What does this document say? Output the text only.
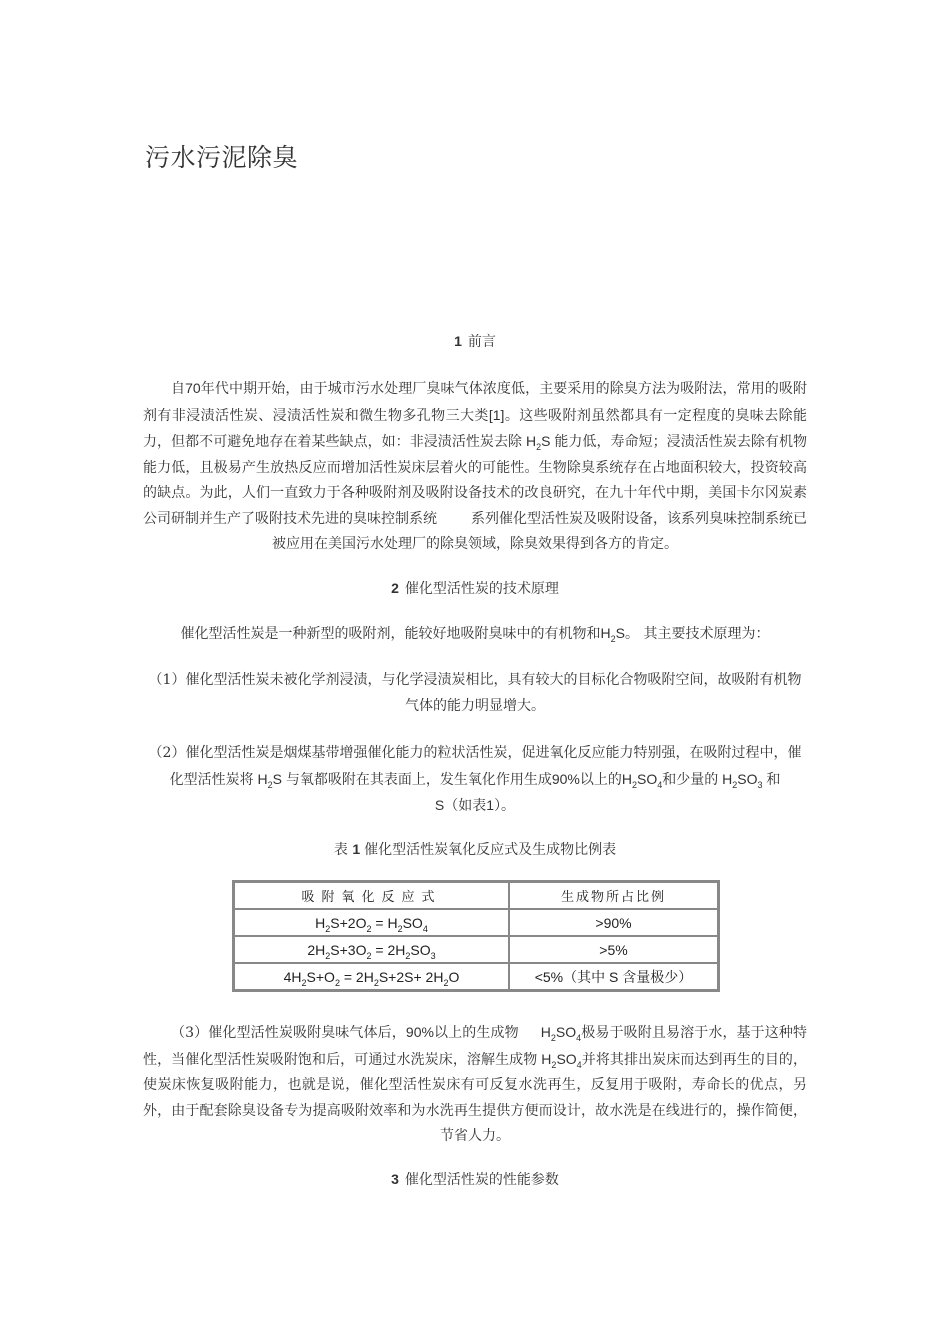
污水污泥除臭
1 前言
自70年代中期开始，由于城市污水处理厂臭味气体浓度低，主要采用的除臭方法为吸附法，常用的吸附剂有非浸渍活性炭、浸渍活性炭和微生物多孔物三大类[1]。这些吸附剂虽然都具有一定程度的臭味去除能力，但都不可避免地存在着某些缺点，如：非浸渍活性炭去除 $H_2S$ 能力低，寿命短；浸渍活性炭去除有机物能力低，且极易产生放热反应而增加活性炭床层着火的可能性。生物除臭系统存在占地面积较大，投资较高的缺点。为此，人们一直致力于各种吸附剂及吸附设备技术的改良研究，在九十年代中期，美国卡尔冈炭素公司研制并生产了吸附技术先进的臭味控制系统 系列催化型活性炭及吸附设备，该系列臭味控制系统已被应用在美国污水处理厂的除臭领域，除臭效果得到各方的肯定。
2 催化型活性炭的技术原理
催化型活性炭是一种新型的吸附剂，能较好地吸附臭味中的有机物和$H_2S$。 其主要技术原理为：
（1）催化型活性炭未被化学剂浸渍，与化学浸渍炭相比，具有较大的目标化合物吸附空间，故吸附有机物气体的能力明显增大。
（2）催化型活性炭是烟煤基带增强催化能力的粒状活性炭，促进氧化反应能力特别强，在吸附过程中，催化型活性炭将 $H_2S$ 与氧都吸附在其表面上，发生氧化作用生成90%以上的$H_2SO_4$和少量的 $H_2SO_3$ 和
S（如表1）。
表 1 催化型活性炭氧化反应式及生成物比例表
吸附氧化反应式	生成物所占比例
$H_2S+2O_2 = H_2SO_4$	>90%
$2H_2S+3O_2 = 2H_2SO_3$	>5%
$4H_2S+O_2 = 2H_2S+2S+ 2H_2O$	<5%（其中 S 含量极少）
（3）催化型活性炭吸附臭味气体后，90%以上的生成物 $H_2SO_4$极易于吸附且易溶于水，基于这种特性，当催化型活性炭吸附饱和后，可通过水洗炭床，溶解生成物 $H_2SO_4$并将其排出炭床而达到再生的目的，使炭床恢复吸附能力，也就是说，催化型活性炭床有可反复水洗再生，反复用于吸附，寿命长的优点，另外，由于配套除臭设备专为提高吸附效率和为水洗再生提供方便而设计，故水洗是在线进行的，操作简便，节省人力。
3 催化型活性炭的性能参数
